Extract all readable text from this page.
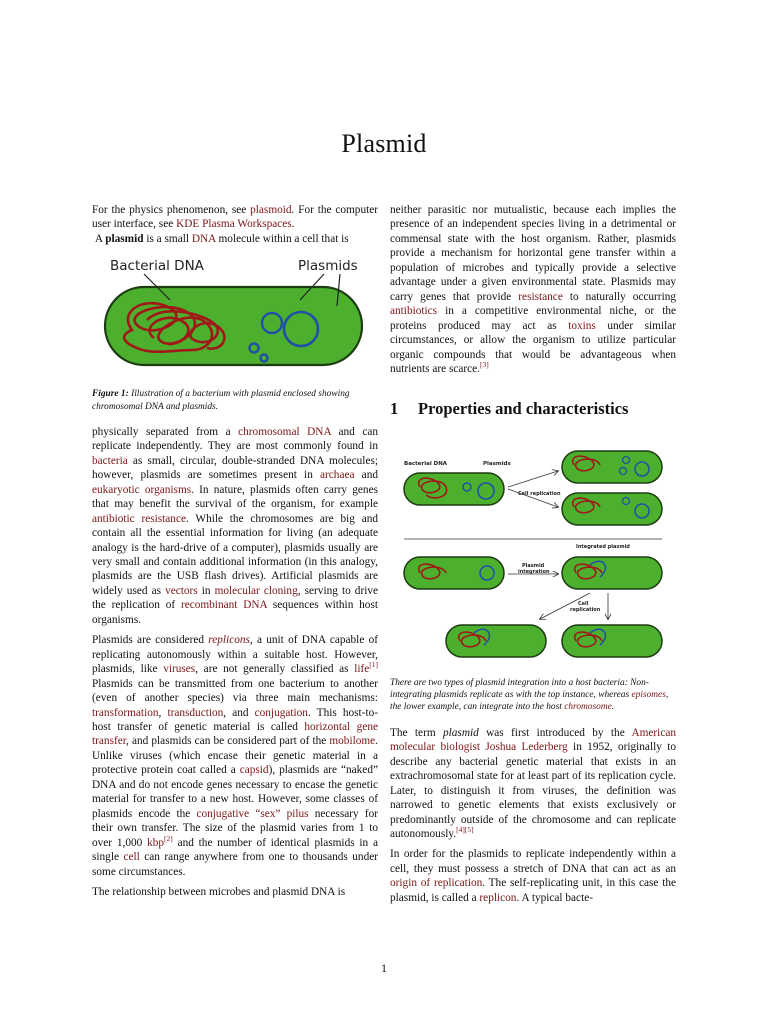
Plasmid

For the physics phenomenon, see plasmoid. For the computer user interface, see KDE Plasma Workspaces.

A plasmid is a small DNA molecule within a cell that is

Bacterial DNA	Plasmids
Figure 1: Illustration of a bacterium with plasmid enclosed showing chromosomal DNA and plasmids.

physically separated from a chromosomal DNA and can replicate independently. They are most commonly found in bacteria as small, circular, double-stranded DNA molecules; however, plasmids are sometimes present in archaea and eukaryotic organisms. In nature, plasmids often carry genes that may benefit the survival of the organism, for example antibiotic resistance. While the chromosomes are big and contain all the essential information for living (an adequate analogy is the hard-drive of a computer), plasmids usually are very small and contain additional information (in this analogy, plasmids are the USB flash drives). Artificial plasmids are widely used as vectors in molecular cloning, serving to drive the replication of recombinant DNA sequences within host organisms.

Plasmids are considered replicons, a unit of DNA capable of replicating autonomously within a suitable host. However, plasmids, like viruses, are not generally classified as life[1] Plasmids can be transmitted from one bacterium to another (even of another species) via three main mechanisms: transformation, transduction, and conjugation. This host-to-host transfer of genetic material is called horizontal gene transfer, and plasmids can be considered part of the mobilome. Unlike viruses (which encase their genetic material in a protective protein coat called a capsid), plasmids are “naked” DNA and do not encode genes necessary to encase the genetic material for transfer to a new host. However, some classes of plasmids encode the conjugative “sex” pilus necessary for their own transfer. The size of the plasmid varies from 1 to over 1,000 kbp[2] and the number of identical plasmids in a single cell can range anywhere from one to thousands under some circumstances.

The relationship between microbes and plasmid DNA is

neither parasitic nor mutualistic, because each implies the presence of an independent species living in a detrimental or commensal state with the host organism. Rather, plasmids provide a mechanism for horizontal gene transfer within a population of microbes and typically provide a selective advantage under a given environmental state. Plasmids may carry genes that provide resistance to naturally occurring antibiotics in a competitive environmental niche, or the proteins produced may act as toxins under similar circumstances, or allow the organism to utilize particular organic compounds that would be advantageous when nutrients are scarce.[3]

1 Properties and characteristics
Bacterial DNA	Plasmids
Cell replication
Integrated plasmid
Plasmid
integration
Cell
replication
There are two types of plasmid integration into a host bacteria: Non-integrating plasmids replicate as with the top instance, whereas episomes, the lower example, can integrate into the host chromosome.

The term plasmid was first introduced by the American molecular biologist Joshua Lederberg in 1952, originally to describe any bacterial genetic material that exists in an extrachromosomal state for at least part of its replication cycle. Later, to distinguish it from viruses, the definition was narrowed to genetic elements that exists exclusively or predominantly outside of the chromosome and can replicate autonomously.[4][5]

In order for the plasmids to replicate independently within a cell, they must possess a stretch of DNA that can act as an origin of replication. The self-replicating unit, in this case the plasmid, is called a replicon. A typical bacte-

1
